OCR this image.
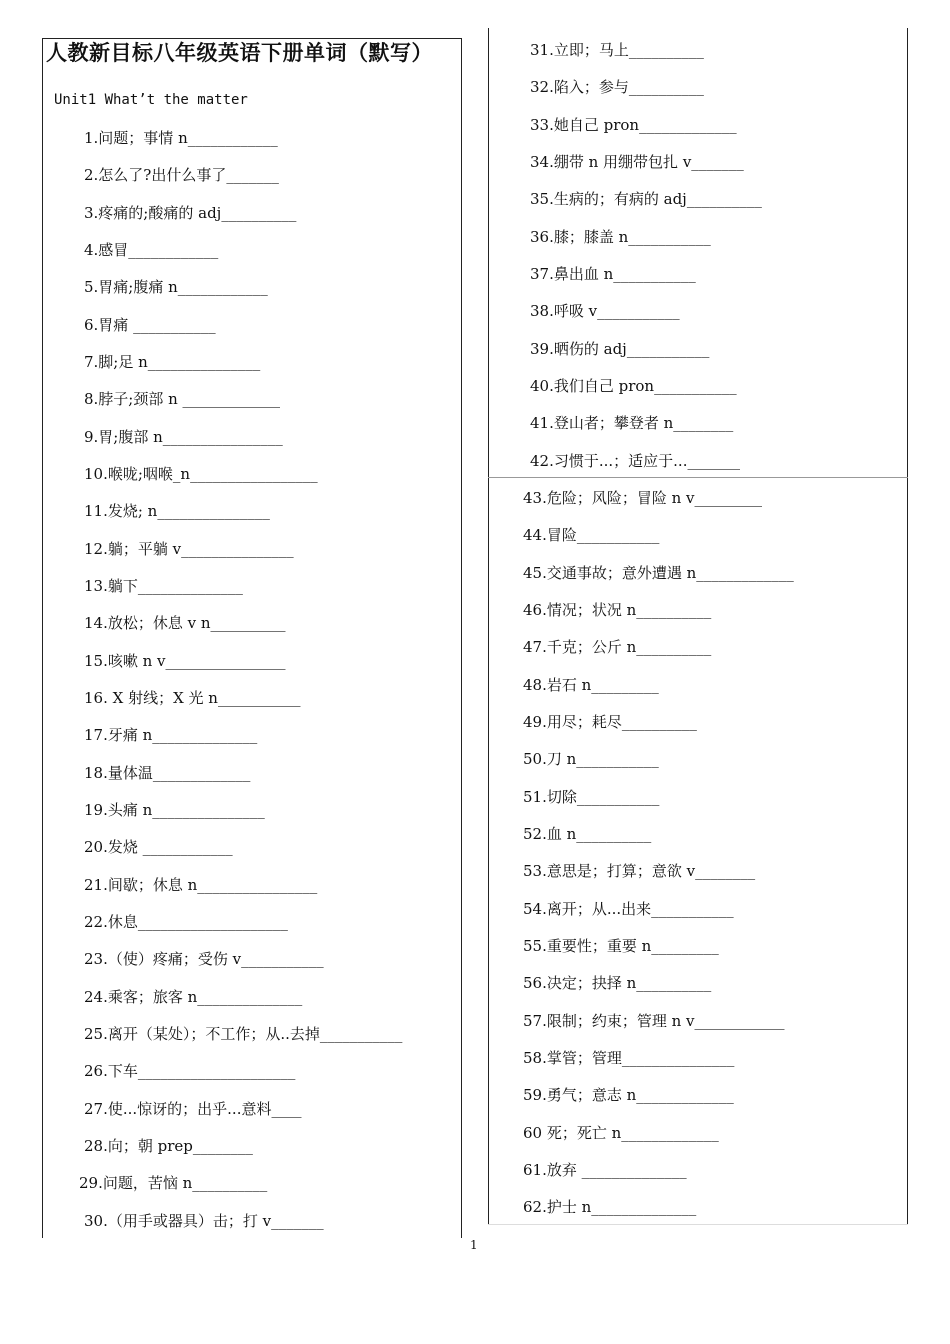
人教新目标八年级英语下册单词（默写）
Unit1 What’t the matter
1.问题；事情 n____________
2.怎么了?出什么事了_______
3.疼痛的;酸痛的 adj__________
4.感冒____________
5.胃痛;腹痛 n____________
6.胃痛 ___________
7.脚;足 n_______________
8.脖子;颈部 n _____________
9.胃;腹部 n________________
10.喉咙;咽喉_n_________________
11.发烧; n_______________
12.躺；平躺 v_______________
13.躺下______________
14.放松；休息 v n__________
15.咳嗽 n v________________
16. X 射线；X 光 n___________
17.牙痛 n______________
18.量体温_____________
19.头痛 n_______________
20.发烧 ____________
21.间歇；休息 n________________
22.休息____________________
23.（使）疼痛；受伤 v___________
24.乘客；旅客 n______________
25.离开（某处）；不工作；从..去掉___________
26.下车_____________________
27.使...惊讶的；出乎...意料____
28.向；朝 prep________
29.问题，苦恼 n__________
30.（用手或器具）击；打 v_______
31.立即；马上__________
32.陷入；参与__________
33.她自己 pron_____________
34.绷带 n 用绷带包扎 v_______
35.生病的；有病的 adj__________
36.膝；膝盖 n___________
37.鼻出血 n___________
38.呼吸 v___________
39.晒伤的 adj___________
40.我们自己 pron___________
41.登山者；攀登者 n________
42.习惯于...；适应于..._______
43.危险；风险；冒险 n v_________
44.冒险___________
45.交通事故；意外遭遇 n_____________
46.情况；状况 n__________
47.千克；公斤 n__________
48.岩石 n_________
49.用尽；耗尽__________
50.刀 n___________
51.切除___________
52.血 n__________
53.意思是；打算；意欲 v________
54.离开；从...出来___________
55.重要性；重要 n_________
56.决定；抉择 n__________
57.限制；约束；管理 n v____________
58.掌管；管理_______________
59.勇气；意志 n_____________
60 死；死亡 n_____________
61.放弃 ______________
62.护士 n______________
1
